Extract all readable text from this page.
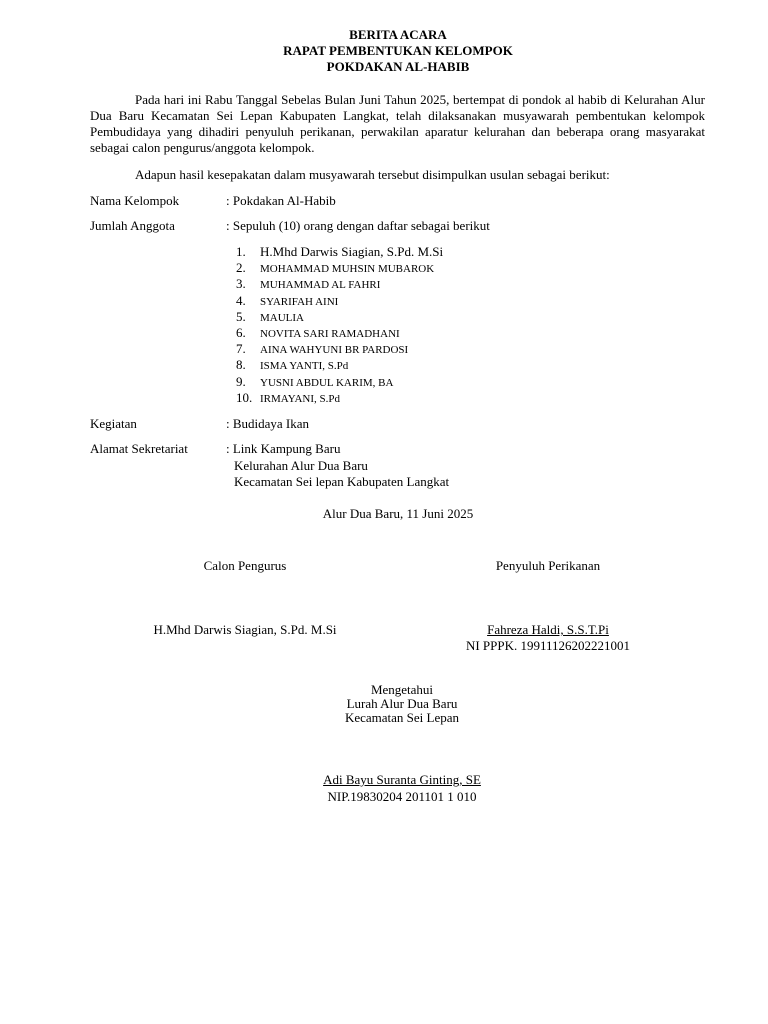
BERITA ACARA
RAPAT PEMBENTUKAN KELOMPOK
POKDAKAN AL-HABIB
Pada hari ini Rabu Tanggal Sebelas Bulan Juni Tahun 2025, bertempat di pondok al habib di Kelurahan Alur Dua Baru Kecamatan Sei Lepan Kabupaten Langkat, telah dilaksanakan musyawarah pembentukan kelompok Pembudidaya yang dihadiri penyuluh perikanan, perwakilan aparatur kelurahan dan beberapa orang masyarakat sebagai calon pengurus/anggota kelompok.
Adapun hasil kesepakatan dalam musyawarah tersebut disimpulkan usulan sebagai berikut:
Nama Kelompok	: Pokdakan Al-Habib
Jumlah Anggota	: Sepuluh (10) orang dengan daftar sebagai berikut
1. H.Mhd Darwis Siagian, S.Pd. M.Si
2. MOHAMMAD MUHSIN MUBAROK
3. MUHAMMAD AL FAHRI
4. SYARIFAH AINI
5. MAULIA
6. NOVITA SARI RAMADHANI
7. AINA WAHYUNI BR PARDOSI
8. ISMA YANTI, S.Pd
9. YUSNI ABDUL KARIM, BA
10. IRMAYANI, S.Pd
Kegiatan	: Budidaya Ikan
Alamat Sekretariat	: Link Kampung Baru
Kelurahan Alur Dua Baru
Kecamatan Sei lepan Kabupaten Langkat
Alur Dua Baru, 11 Juni 2025
Calon Pengurus	Penyuluh Perikanan
H.Mhd Darwis Siagian, S.Pd. M.Si	Fahreza Haldi, S.S.T.Pi
NI PPPK. 19911126202221001
Mengetahui
Lurah Alur Dua Baru
Kecamatan Sei Lepan
Adi Bayu Suranta Ginting, SE
NIP.19830204 201101 1 010
